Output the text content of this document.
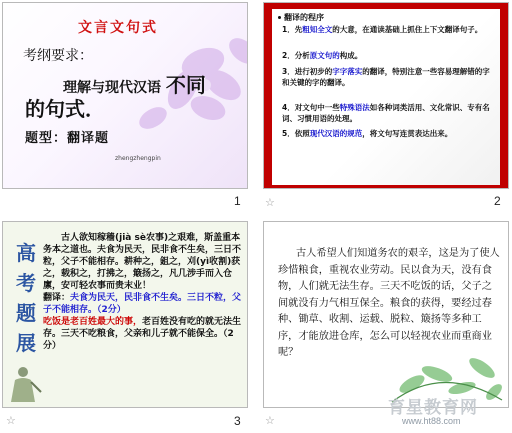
文言文句式
考纲要求：
理解与现代汉语 不同
的句式．
题型：翻译题
zhengzhengpin
1
翻译的程序
1．先粗知全文的大意，在通读基础上抓住上下文翻译句子。
2．分析原文句的构成。
3．进行初步的字字落实的翻译，特别注意一些容易理解错的字和关键的字的翻译。
4．对文句中一些特殊语法如各种词类活用、文化常识、专有名词、习惯用语的处理。
5．依照现代汉语的规范，将文句写连贯表达出来。
☆	2
高
考
题
展

古人欲知稼穑(jià sè农事)之艰难，斯盖重本务本之道也。夫食为民天，民非食不生矣，三日不粒，父子不能相存。耕种之，鉏之，刈(yì收割)获之，载积之，打拂之，簸扬之，凡几涉手而入仓廪，安可轻农事而贵末业！

翻译：夫食为民天，民非食不生矣。三日不粒，父子不能相存。（2分）

吃饭是老百姓最大的事，老百姓没有吃的就无法生存。三天不吃粮食，父亲和儿子就不能保全。（2分）

☆	3
古人希望人们知道务农的艰辛，这是为了使人珍惜粮食，重视农业劳动。民以食为天，没有食物，人们就无法生存。三天不吃饭的话，父子之间就没有力气相互保全。粮食的获得，要经过春种、锄草、收割、运载、脱粒、簸扬等多种工序，才能放进仓库，怎么可以轻视农业而重商业呢？
☆
育星教育网
www.ht88.com
